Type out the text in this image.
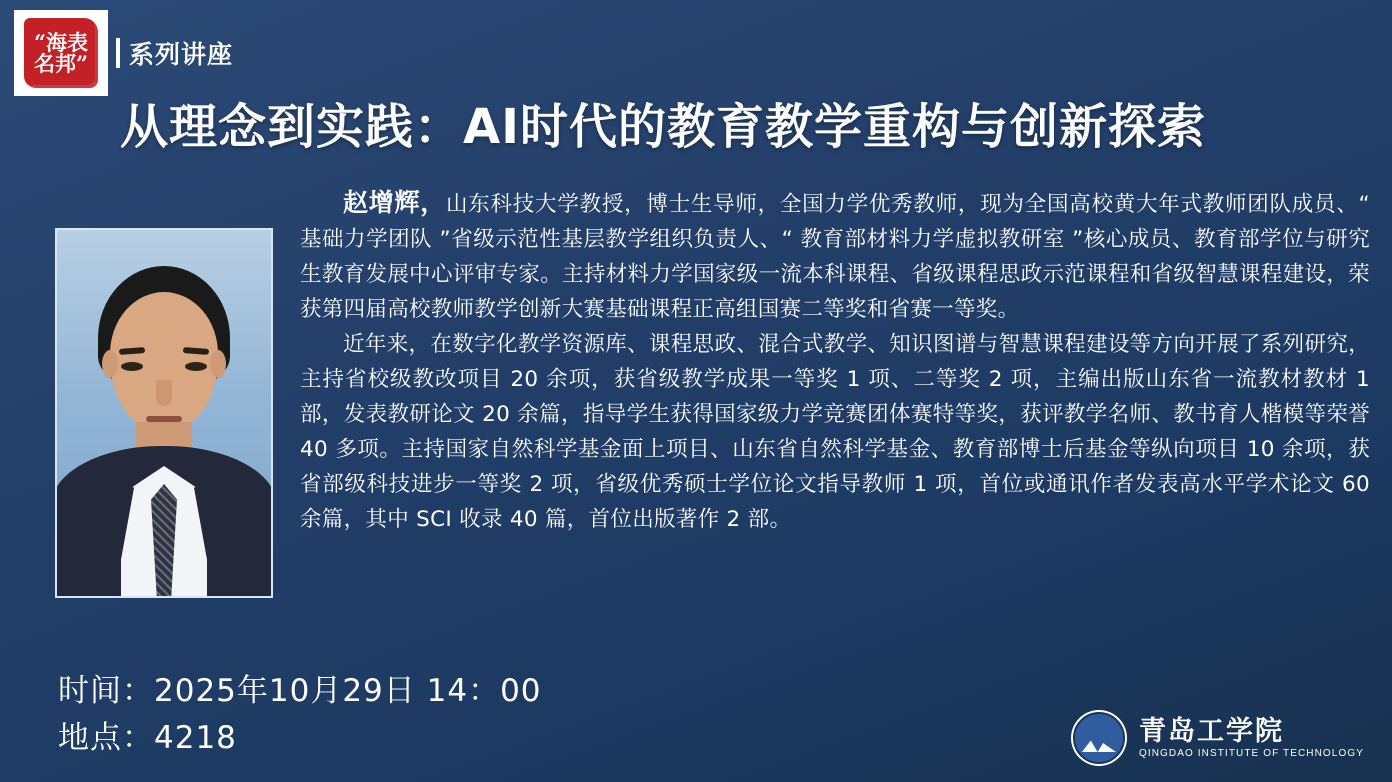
“海表
名邦” 系列讲座
从理念到实践：AI时代的教育教学重构与创新探索

赵增辉，山东科技大学教授，博士生导师，全国力学优秀教师，现为全国高校黄大年式教师团队成员、“ 基础力学团队 ”省级示范性基层教学组织负责人、“ 教育部材料力学虚拟教研室 ”核心成员、教育部学位与研究生教育发展中心评审专家。主持材料力学国家级一流本科课程、省级课程思政示范课程和省级智慧课程建设，荣获第四届高校教师教学创新大赛基础课程正高组国赛二等奖和省赛一等奖。

近年来，在数字化教学资源库、课程思政、混合式教学、知识图谱与智慧课程建设等方向开展了系列研究，主持省校级教改项目 20 余项，获省级教学成果一等奖 1 项、二等奖 2 项，主编出版山东省一流教材教材 1 部，发表教研论文 20 余篇，指导学生获得国家级力学竞赛团体赛特等奖，获评教学名师、教书育人楷模等荣誉 40 多项。主持国家自然科学基金面上项目、山东省自然科学基金、教育部博士后基金等纵向项目 10 余项，获省部级科技进步一等奖 2 项，省级优秀硕士学位论文指导教师 1 项，首位或通讯作者发表高水平学术论文 60 余篇，其中 SCI 收录 40 篇，首位出版著作 2 部。

时间：2025年10月29日 14：00
地点：4218	青岛工学院
QINGDAO INSTITUTE OF TECHNOLOGY
